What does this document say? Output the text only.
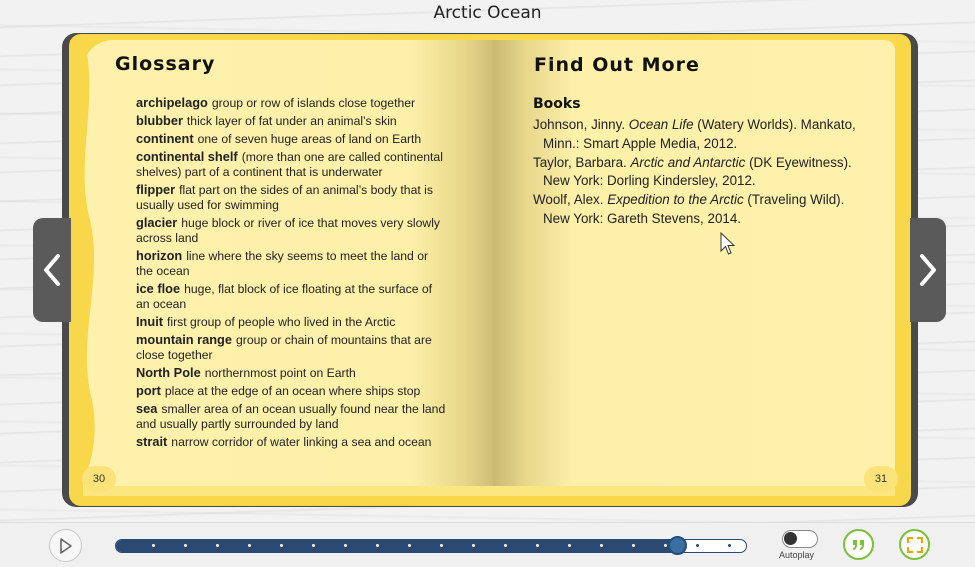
Arctic Ocean
Glossary
archipelago group or row of islands close together
blubber thick layer of fat under an animal’s skin
continent one of seven huge areas of land on Earth
continental shelf (more than one are called continental shelves) part of a continent that is underwater
flipper flat part on the sides of an animal’s body that is usually used for swimming
glacier huge block or river of ice that moves very slowly across land
horizon line where the sky seems to meet the land or the ocean
ice floe huge, flat block of ice floating at the surface of an ocean
Inuit first group of people who lived in the Arctic
mountain range group or chain of mountains that are close together
North Pole northernmost point on Earth
port place at the edge of an ocean where ships stop
sea smaller area of an ocean usually found near the land and usually partly surrounded by land
strait narrow corridor of water linking a sea and ocean
30
Find Out More
Books
Johnson, Jinny. Ocean Life (Watery Worlds). Mankato, Minn.: Smart Apple Media, 2012.
Taylor, Barbara. Arctic and Antarctic (DK Eyewitness). New York: Dorling Kindersley, 2012.
Woolf, Alex. Expedition to the Arctic (Traveling Wild). New York: Gareth Stevens, 2014.
31
Autoplay
